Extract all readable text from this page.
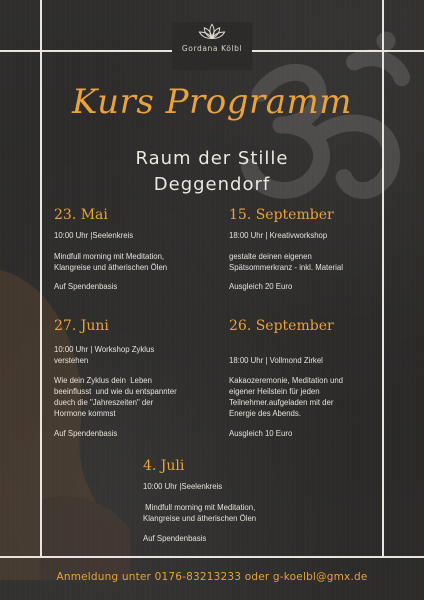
Gordana Kölbl
Kurs Programm
Raum der Stille
Deggendorf
23. Mai
10:00 Uhr |Seelenkreis
Mindfull morning mit Meditation,
Klangreise und ätherischen Ölen
Auf Spendenbasis
15. September
18:00 Uhr | Kreativworkshop
gestalte deinen eigenen
Spätsommerkranz - inkl. Material
Ausgleich 20 Euro
27. Juni
10:00 Uhr | Workshop Zyklus
verstehen
Wie dein Zyklus dein  Leben
beeinflusst  und wie du entspannter
duech die "Jahreszeiten" der
Hormone kommst
Auf Spendenbasis
26. September
18:00 Uhr | Vollmond Zirkel
Kakaozeremonie, Meditation und
eigener Heilstein für jeden
Teilnehmer.aufgeladen mit der
Energie des Abends.
Ausgleich 10 Euro
4. Juli
10:00 Uhr |Seelenkreis
Mindfull morning mit Meditation,
Klangreise und ätherischen Ölen
Auf Spendenbasis
Anmeldung unter 0176-83213233 oder g-koelbl@gmx.de
